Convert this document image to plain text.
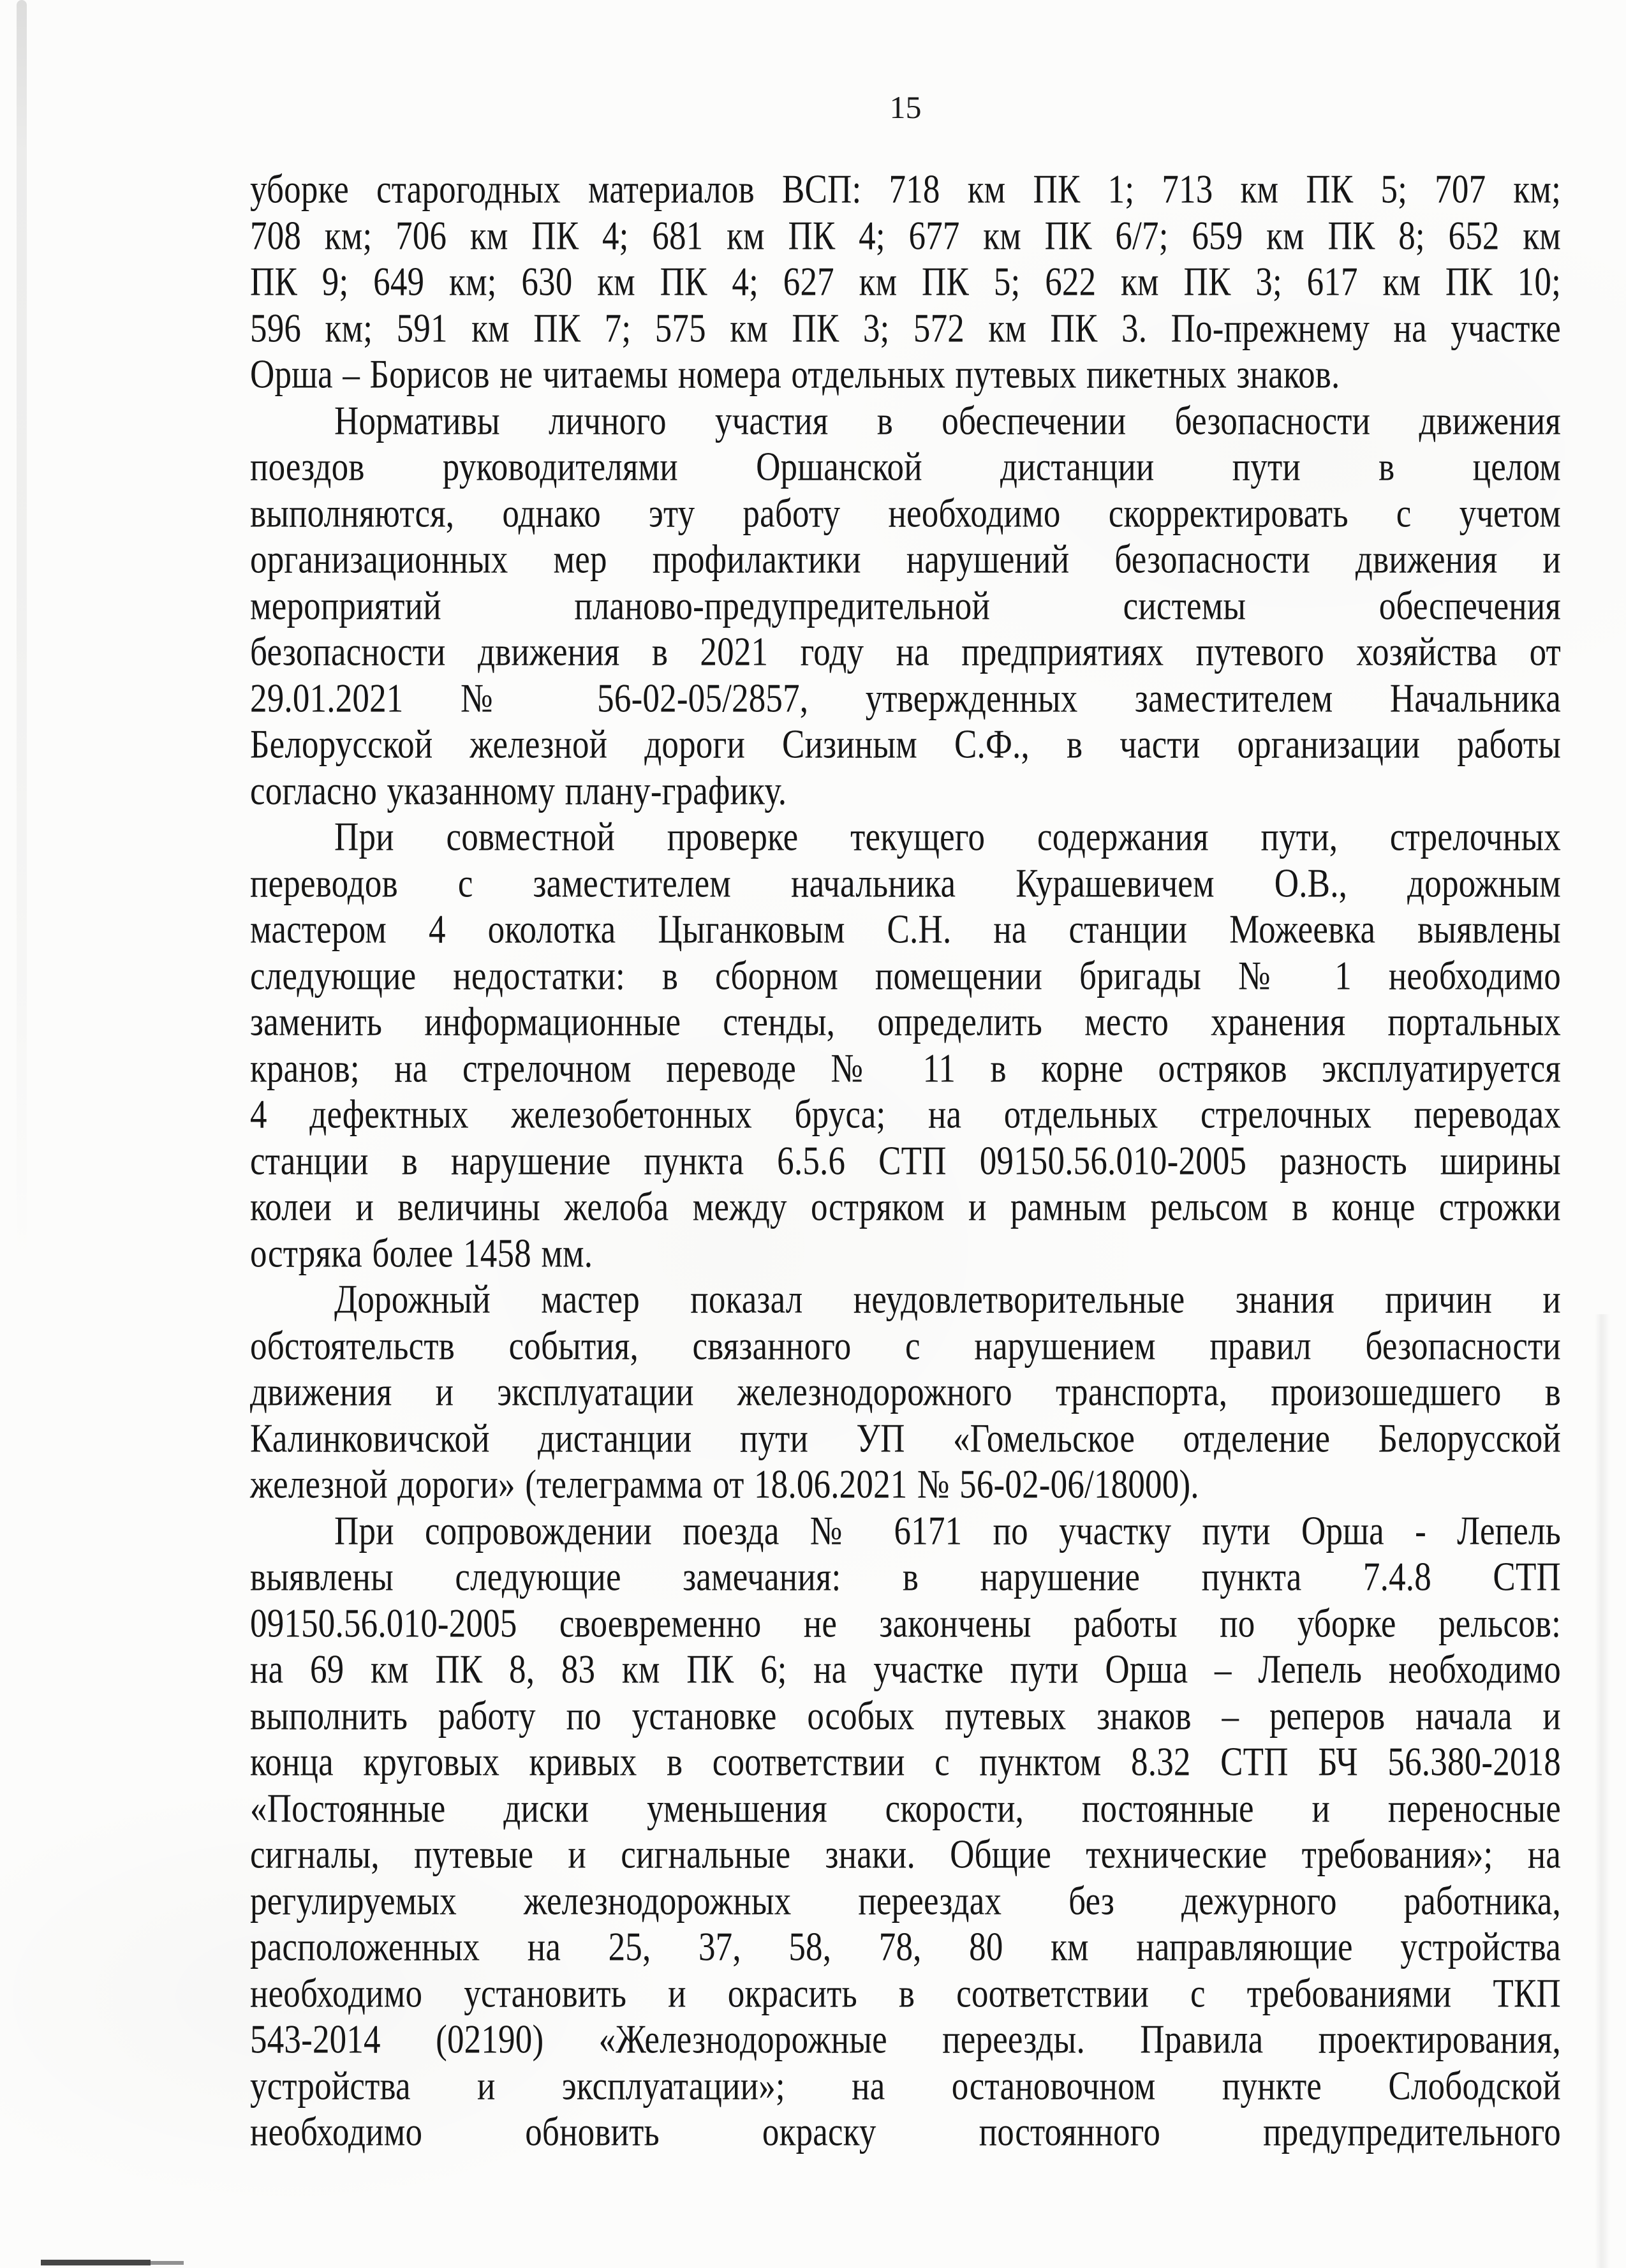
15
уборке старогодных материалов ВСП: 718 км ПК 1; 713 км ПК 5; 707 км;
708 км; 706 км ПК 4; 681 км ПК 4; 677 км ПК 6/7; 659 км ПК 8; 652 км
ПК 9; 649 км; 630 км ПК 4; 627 км ПК 5; 622 км ПК 3; 617 км ПК 10;
596 км; 591 км ПК 7; 575 км ПК 3; 572 км ПК 3. По-прежнему на участке
Орша – Борисов не читаемы номера отдельных путевых пикетных знаков.
Нормативы личного участия в обеспечении безопасности движения
поездов руководителями Оршанской дистанции пути в целом
выполняются, однако эту работу необходимо скорректировать с учетом
организационных мер профилактики нарушений безопасности движения и
мероприятий планово-предупредительной системы обеспечения
безопасности движения в 2021 году на предприятиях путевого хозяйства от
29.01.2021 № 56-02-05/2857, утвержденных заместителем Начальника
Белорусской железной дороги Сизиным С.Ф., в части организации работы
согласно указанному плану-графику.
При совместной проверке текущего содержания пути, стрелочных
переводов с заместителем начальника Курашевичем О.В., дорожным
мастером 4 околотка Цыганковым С.Н. на станции Можеевка выявлены
следующие недостатки: в сборном помещении бригады № 1 необходимо
заменить информационные стенды, определить место хранения портальных
кранов; на стрелочном переводе № 11 в корне остряков эксплуатируется
4 дефектных железобетонных бруса; на отдельных стрелочных переводах
станции в нарушение пункта 6.5.6 СТП 09150.56.010-2005 разность ширины
колеи и величины желоба между остряком и рамным рельсом в конце строжки
остряка более 1458 мм.
Дорожный мастер показал неудовлетворительные знания причин и
обстоятельств события, связанного с нарушением правил безопасности
движения и эксплуатации железнодорожного транспорта, произошедшего в
Калинковичской дистанции пути УП «Гомельское отделение Белорусской
железной дороги» (телеграмма от 18.06.2021 № 56-02-06/18000).
При сопровождении поезда № 6171 по участку пути Орша - Лепель
выявлены следующие замечания: в нарушение пункта 7.4.8 СТП
09150.56.010-2005 своевременно не закончены работы по уборке рельсов:
на 69 км ПК 8, 83 км ПК 6; на участке пути Орша – Лепель необходимо
выполнить работу по установке особых путевых знаков – реперов начала и
конца круговых кривых в соответствии с пунктом 8.32 СТП БЧ 56.380-2018
«Постоянные диски уменьшения скорости, постоянные и переносные
сигналы, путевые и сигнальные знаки. Общие технические требования»; на
регулируемых железнодорожных переездах без дежурного работника,
расположенных на 25, 37, 58, 78, 80 км направляющие устройства
необходимо установить и окрасить в соответствии с требованиями ТКП
543-2014 (02190) «Железнодорожные переезды. Правила проектирования,
устройства и эксплуатации»; на остановочном пункте Слободской
необходимо обновить окраску постоянного предупредительного
